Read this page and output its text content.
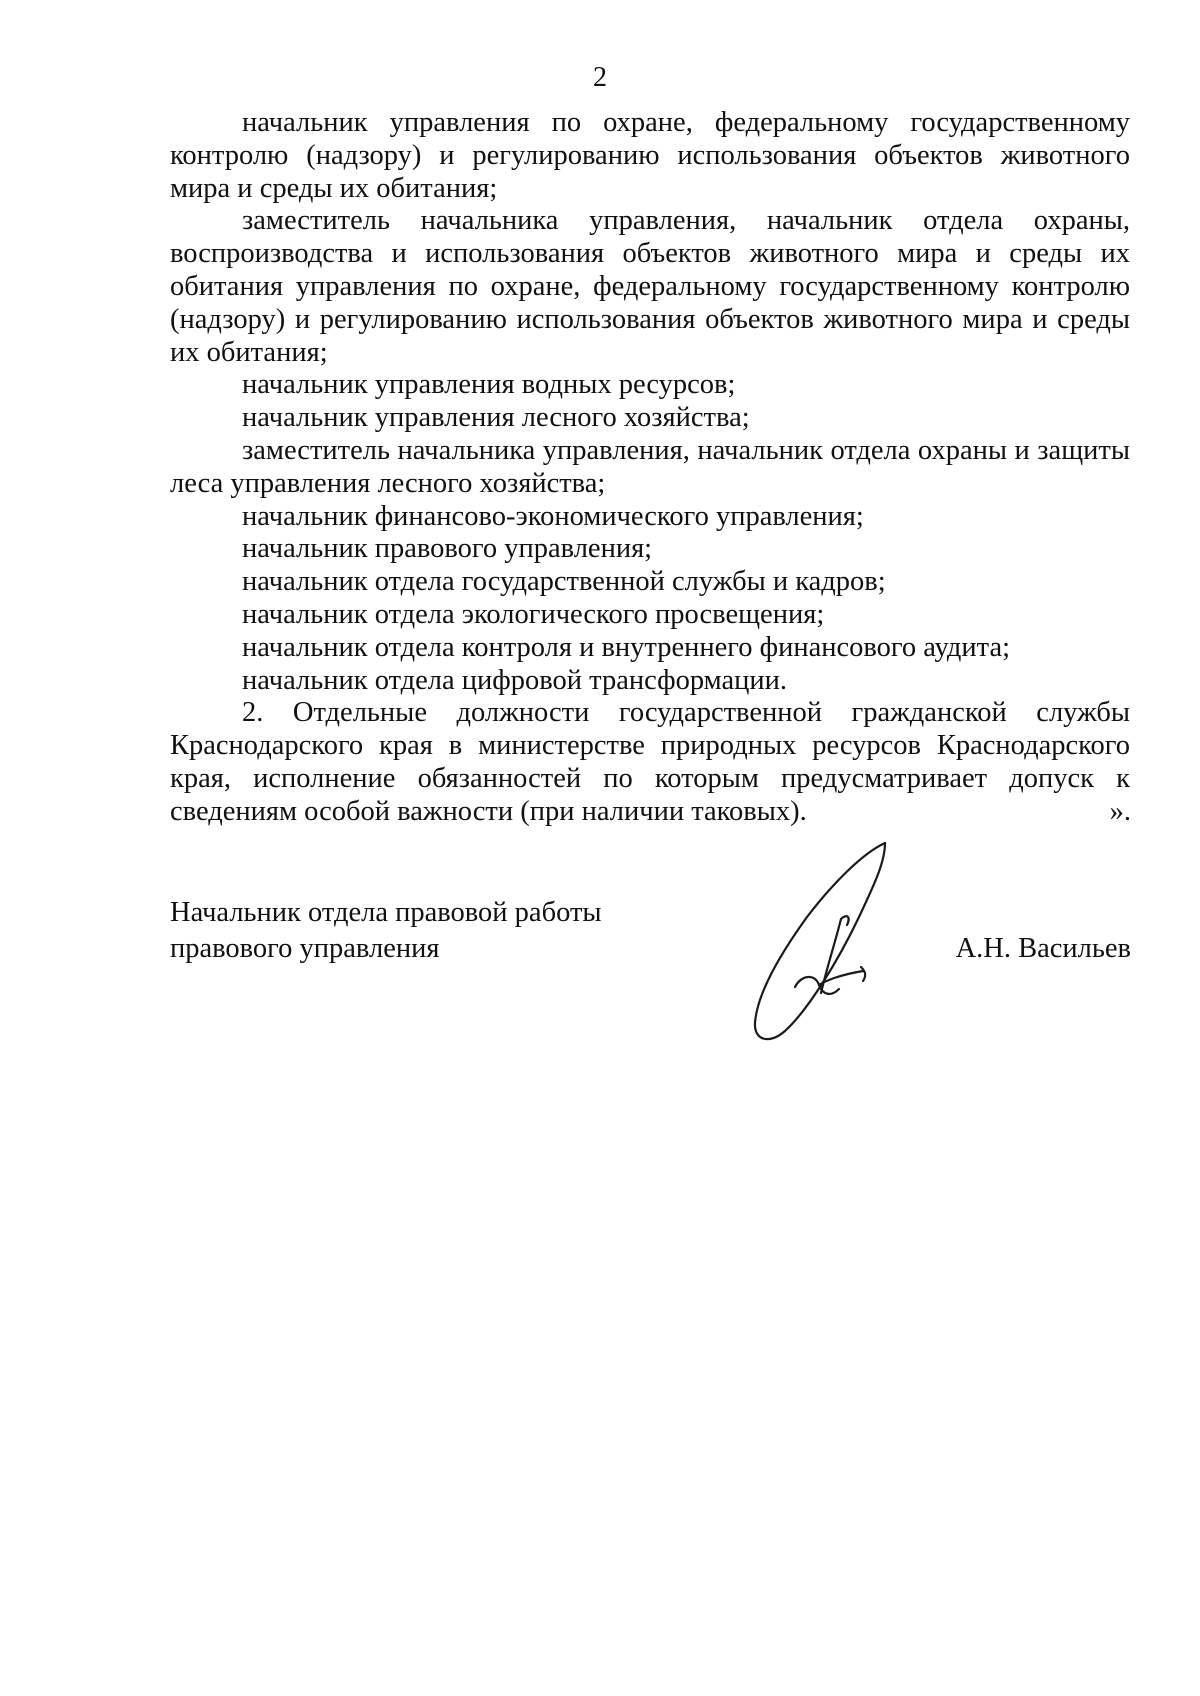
2

начальник управления по охране, федеральному государственному контролю (надзору) и регулированию использования объектов животного мира и среды их обитания;

заместитель начальника управления, начальник отдела охраны, воспроизводства и использования объектов животного мира и среды их обитания управления по охране, федеральному государственному контролю (надзору) и регулированию использования объектов животного мира и среды их обитания;

начальник управления водных ресурсов;

начальник управления лесного хозяйства;

заместитель начальника управления, начальник отдела охраны и защиты леса управления лесного хозяйства;

начальник финансово-экономического управления;

начальник правового управления;

начальник отдела государственной службы и кадров;

начальник отдела экологического просвещения;

начальник отдела контроля и внутреннего финансового аудита;

начальник отдела цифровой трансформации.

2. Отдельные должности государственной гражданской службы Краснодарского края в министерстве природных ресурсов Краснодарского края, исполнение обязанностей по которым предусматривает допуск к сведениям особой важности (при наличии таковых).	».
Начальник отдела правовой работы
правового управления	А.Н. Васильев
